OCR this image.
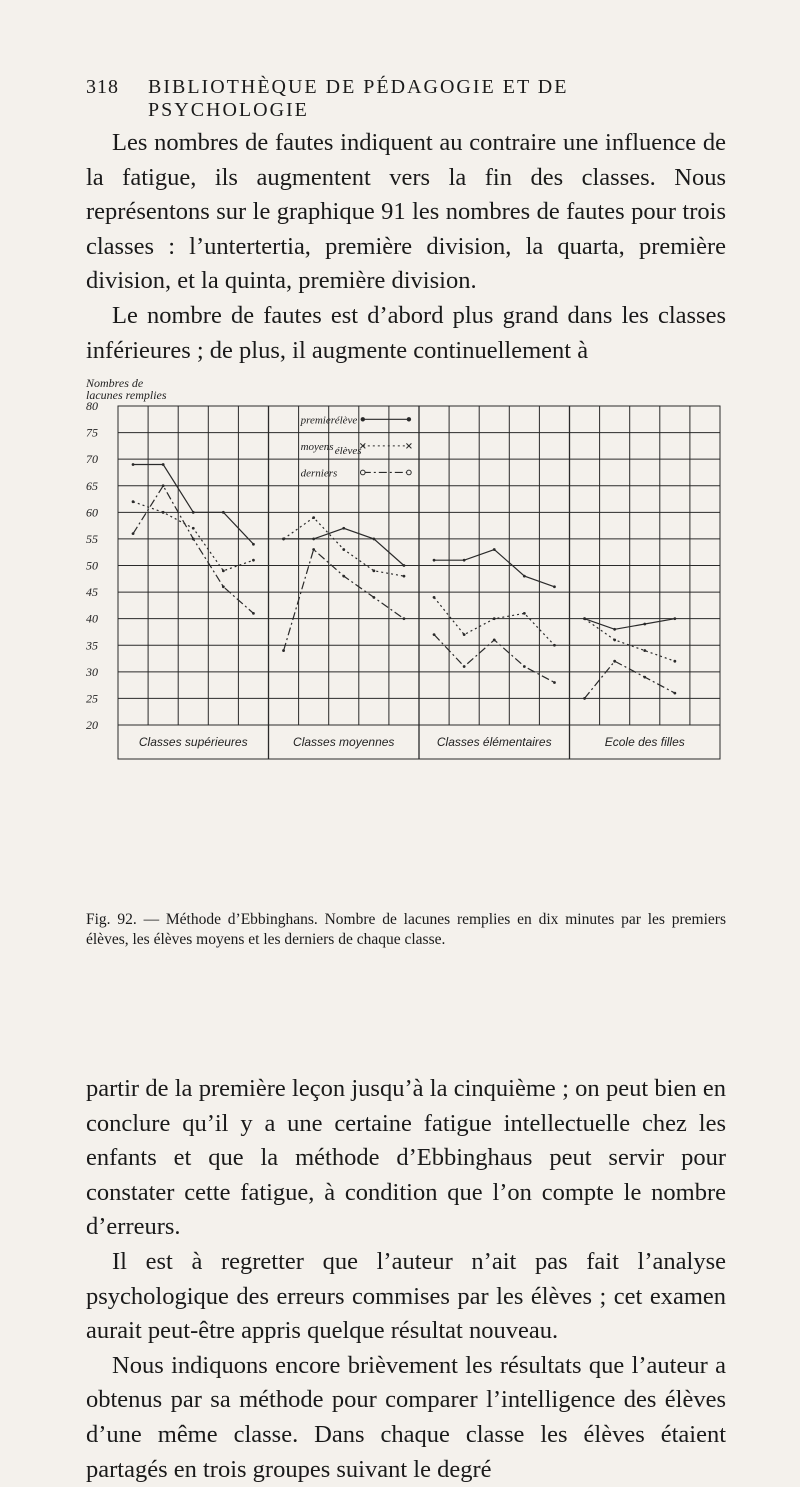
318 BIBLIOTHÈQUE DE PÉDAGOGIE ET DE PSYCHOLOGIE

Les nombres de fautes indiquent au contraire une influence de la fatigue, ils augmentent vers la fin des classes. Nous représentons sur le graphique 91 les nombres de fautes pour trois classes : l’untertertia, première division, la quarta, première division, et la quinta, première division.

Le nombre de fautes est d’abord plus grand dans les classes inférieures ; de plus, il augmente continuellement à

Nombres de
lacunes remplies
80
75
70
65
60
55
50
45
40
35
30
25
20
premier élève
moyens élèves
derniers
Classes supérieures	Classes moyennes	Classes élémentaires	Ecole des filles
Fig. 92. — Méthode d’Ebbinghans. Nombre de lacunes remplies en dix minutes par les premiers élèves, les élèves moyens et les derniers de chaque classe.

partir de la première leçon jusqu’à la cinquième ; on peut bien en conclure qu’il y a une certaine fatigue intellectuelle chez les enfants et que la méthode d’Ebbinghaus peut servir pour constater cette fatigue, à condition que l’on compte le nombre d’erreurs.

Il est à regretter que l’auteur n’ait pas fait l’analyse psychologique des erreurs commises par les élèves ; cet examen aurait peut-être appris quelque résultat nouveau.

Nous indiquons encore brièvement les résultats que l’auteur a obtenus par sa méthode pour comparer l’intelligence des élèves d’une même classe. Dans chaque classe les élèves étaient partagés en trois groupes suivant le degré
